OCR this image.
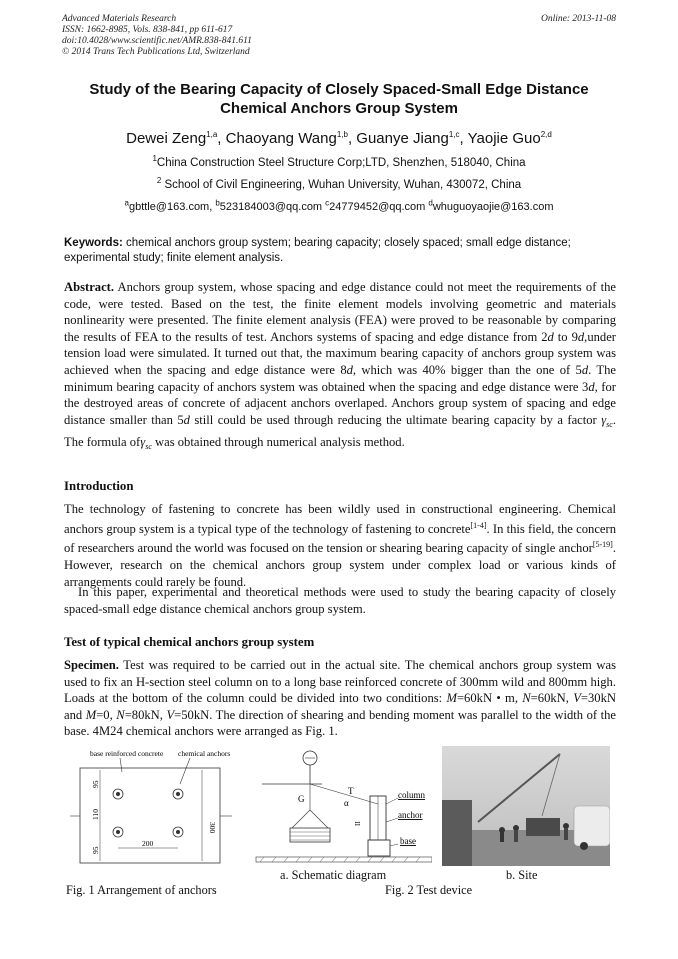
Advanced Materials Research
ISSN: 1662-8985, Vols. 838-841, pp 611-617
doi:10.4028/www.scientific.net/AMR.838-841.611
© 2014 Trans Tech Publications Ltd, Switzerland
Online: 2013-11-08
Study of the Bearing Capacity of Closely Spaced-Small Edge Distance
Chemical Anchors Group System
Dewei Zeng$^{1,a}$, Chaoyang Wang$^{1,b}$, Guanye Jiang$^{1,c}$, Yaojie Guo$^{2,d}$
$^1$China Construction Steel Structure Corp;LTD, Shenzhen, 518040, China
$^2$ School of Civil Engineering, Wuhan University, Wuhan, 430072, China
$^a$gbttle@163.com, $^b$523184003@qq.com $^c$24779452@qq.com $^d$whuguoyaojie@163.com
Keywords: chemical anchors group system; bearing capacity; closely spaced; small edge distance; experimental study; finite element analysis.
Abstract. Anchors group system, whose spacing and edge distance could not meet the requirements of the code, were tested. Based on the test, the finite element models involving geometric and materials nonlinearity were presented. The finite element analysis (FEA) were proved to be reasonable by comparing the results of FEA to the results of test. Anchors systems of spacing and edge distance from 2d to 9d,under tension load were simulated. It turned out that, the maximum bearing capacity of anchors group system was achieved when the spacing and edge distance were 8d, which was 40% bigger than the one of 5d. The minimum bearing capacity of anchors system was obtained when the spacing and edge distance were 3d, for the destroyed areas of concrete of adjacent anchors overlaped. Anchors group system of spacing and edge distance smaller than 5d still could be used through reducing the ultimate bearing capacity by a factor $\gamma_{sc}$. The formula ofγ$_{sc}$ was obtained through numerical analysis method.
Introduction
The technology of fastening to concrete has been wildly used in constructional engineering. Chemical anchors group system is a typical type of the technology of fastening to concrete[1-4]. In this field, the concern of researchers around the world was focused on the tension or shearing bearing capacity of single anchor[5-19]. However, research on the chemical anchors group system under complex load or various kinds of arrangements could rarely be found.
In this paper, experimental and theoretical methods were used to study the bearing capacity of closely spaced-small edge distance chemical anchors group system.
Test of typical chemical anchors group system
Specimen. Test was required to be carried out in the actual site. The chemical anchors group system was used to fix an H-section steel column on to a long base reinforced concrete of 300mm wild and 800mm high. Loads at the bottom of the column could be divided into two conditions: M=60kN • m, N=60kN, V=30kN and M=0, N=80kN, V=50kN. The direction of shearing and bending moment was parallel to the width of the base. 4M24 chemical anchors were arranged as Fig. 1.
base reinforced concrete chemical anchors
95
110
95
300
200
Fig. 1 Arrangement of anchors
G
T
α
column
anchor
base
II
a. Schematic diagram	b. Site
Fig. 2 Test device
